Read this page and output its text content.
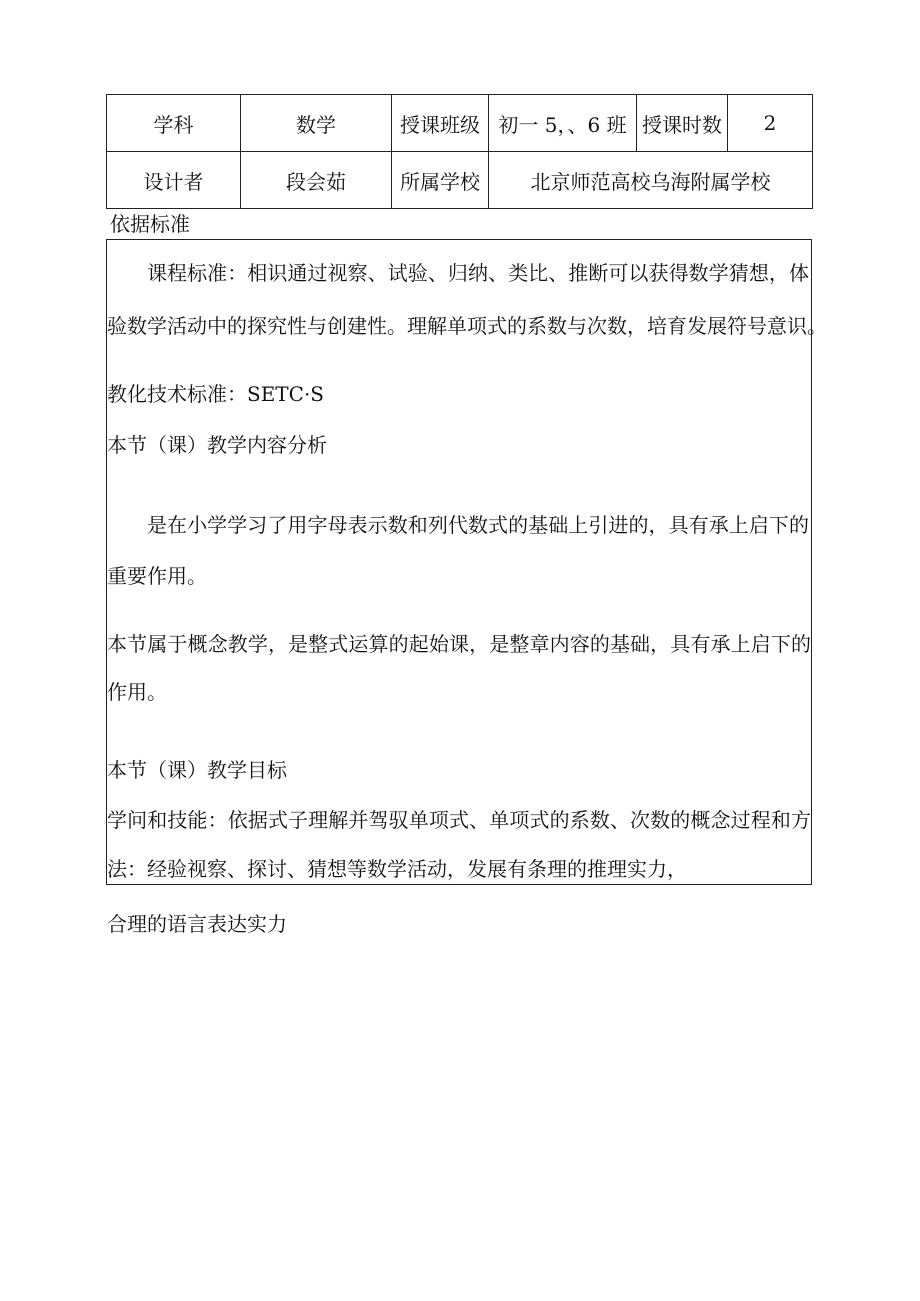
学科	数学	授课班级	初一 5，、6 班	授课时数	2
设计者	段会茹	所属学校	北京师范高校乌海附属学校		
依据标准
课程标准：相识通过视察、试验、归纳、类比、推断可以获得数学猜想，体
验数学活动中的探究性与创建性。理解单项式的系数与次数，培育发展符号意识。
教化技术标准：SETC·S
本节（课）教学内容分析
是在小学学习了用字母表示数和列代数式的基础上引进的，具有承上启下的
重要作用。
本节属于概念教学，是整式运算的起始课，是整章内容的基础，具有承上启下的
作用。
本节（课）教学目标
学问和技能：依据式子理解并驾驭单项式、单项式的系数、次数的概念过程和方
法：经验视察、探讨、猜想等数学活动，发展有条理的推理实力，
合理的语言表达实力
